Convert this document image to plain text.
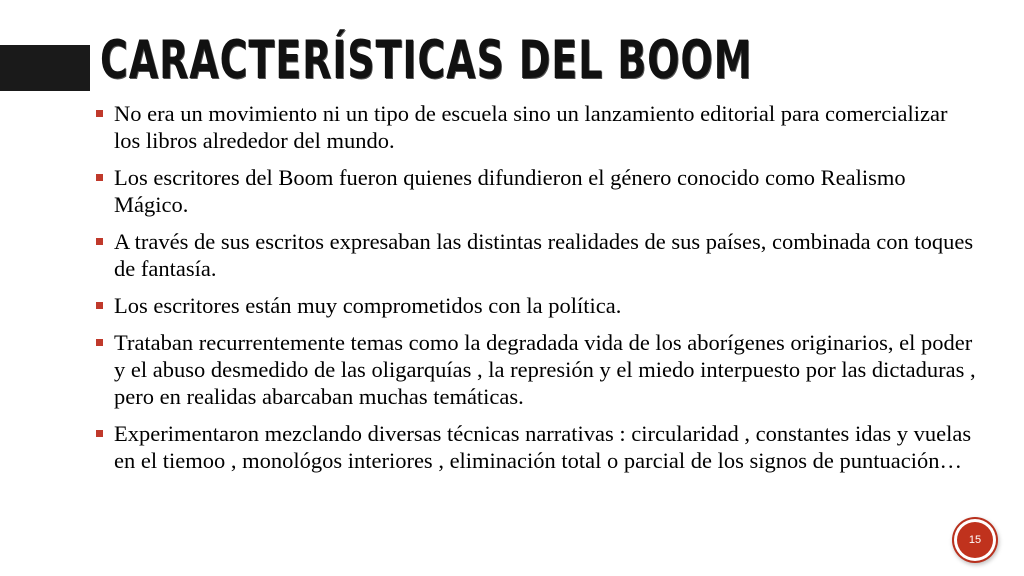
CARACTERÍSTICAS DEL BOOM
No era un movimiento ni un tipo de escuela sino un lanzamiento editorial para comercializar los libros alrededor del mundo.
Los escritores del Boom fueron quienes difundieron el género conocido como Realismo Mágico.
A través de sus escritos expresaban las distintas realidades de sus países, combinada con toques de fantasía.
Los escritores están muy comprometidos con la política.
Trataban recurrentemente temas como la degradada vida de los aborígenes originarios, el poder y el abuso desmedido de las oligarquías , la represión y el miedo interpuesto por las dictaduras , pero en realidas abarcaban muchas temáticas.
Experimentaron mezclando diversas técnicas narrativas : circularidad , constantes idas y vuelas en el tiemoo , monológos interiores , eliminación total o parcial de los signos de puntuación…
15
